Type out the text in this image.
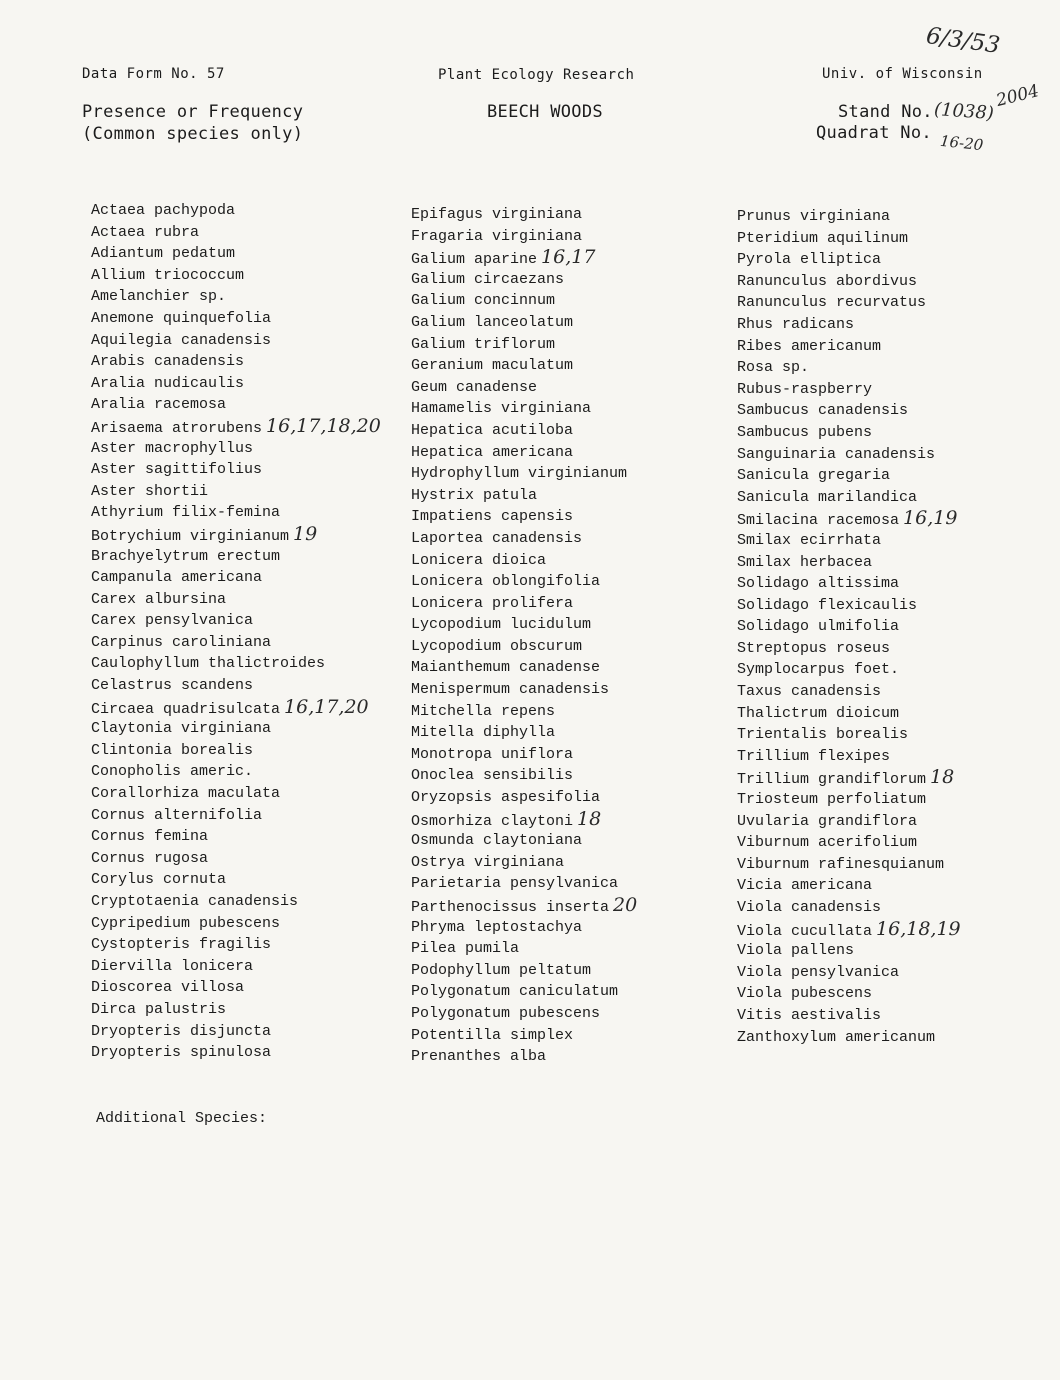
Data Form No. 57	Plant Ecology Research	Univ. of Wisconsin
Presence or Frequency
(Common species only)
BEECH WOODS	Stand No.
Quadrat No.
6/3/53
(1038)
2004
16-20
Actaea pachypoda
Actaea rubra
Adiantum pedatum
Allium triococcum
Amelanchier sp.
Anemone quinquefolia
Aquilegia canadensis
Arabis canadensis
Aralia nudicaulis
Aralia racemosa
Arisaema atrorubens 16,17,18,20
Aster macrophyllus
Aster sagittifolius
Aster shortii
Athyrium filix-femina
Botrychium virginianum 19
Brachyelytrum erectum
Campanula americana
Carex albursina
Carex pensylvanica
Carpinus caroliniana
Caulophyllum thalictroides
Celastrus scandens
Circaea quadrisulcata 16,17,20
Claytonia virginiana
Clintonia borealis
Conopholis americ.
Corallorhiza maculata
Cornus alternifolia
Cornus femina
Cornus rugosa
Corylus cornuta
Cryptotaenia canadensis
Cypripedium pubescens
Cystopteris fragilis
Diervilla lonicera
Dioscorea villosa
Dirca palustris
Dryopteris disjuncta
Dryopteris spinulosa
Epifagus virginiana
Fragaria virginiana
Galium aparine 16,17
Galium circaezans
Galium concinnum
Galium lanceolatum
Galium triflorum
Geranium maculatum
Geum canadense
Hamamelis virginiana
Hepatica acutiloba
Hepatica americana
Hydrophyllum virginianum
Hystrix patula
Impatiens capensis
Laportea canadensis
Lonicera dioica
Lonicera oblongifolia
Lonicera prolifera
Lycopodium lucidulum
Lycopodium obscurum
Maianthemum canadense
Menispermum canadensis
Mitchella repens
Mitella diphylla
Monotropa uniflora
Onoclea sensibilis
Oryzopsis aspesifolia
Osmorhiza claytoni 18
Osmunda claytoniana
Ostrya virginiana
Parietaria pensylvanica
Parthenocissus inserta 20
Phryma leptostachya
Pilea pumila
Podophyllum peltatum
Polygonatum caniculatum
Polygonatum pubescens
Potentilla simplex
Prenanthes alba
Prunus virginiana
Pteridium aquilinum
Pyrola elliptica
Ranunculus abordivus
Ranunculus recurvatus
Rhus radicans
Ribes americanum
Rosa sp.
Rubus-raspberry
Sambucus canadensis
Sambucus pubens
Sanguinaria canadensis
Sanicula gregaria
Sanicula marilandica
Smilacina racemosa 16,19
Smilax ecirrhata
Smilax herbacea
Solidago altissima
Solidago flexicaulis
Solidago ulmifolia
Streptopus roseus
Symplocarpus foet.
Taxus canadensis
Thalictrum dioicum
Trientalis borealis
Trillium flexipes
Trillium grandiflorum 18
Triosteum perfoliatum
Uvularia grandiflora
Viburnum acerifolium
Viburnum rafinesquianum
Vicia americana
Viola canadensis
Viola cucullata 16,18,19
Viola pallens
Viola pensylvanica
Viola pubescens
Vitis aestivalis
Zanthoxylum americanum
Additional Species:
